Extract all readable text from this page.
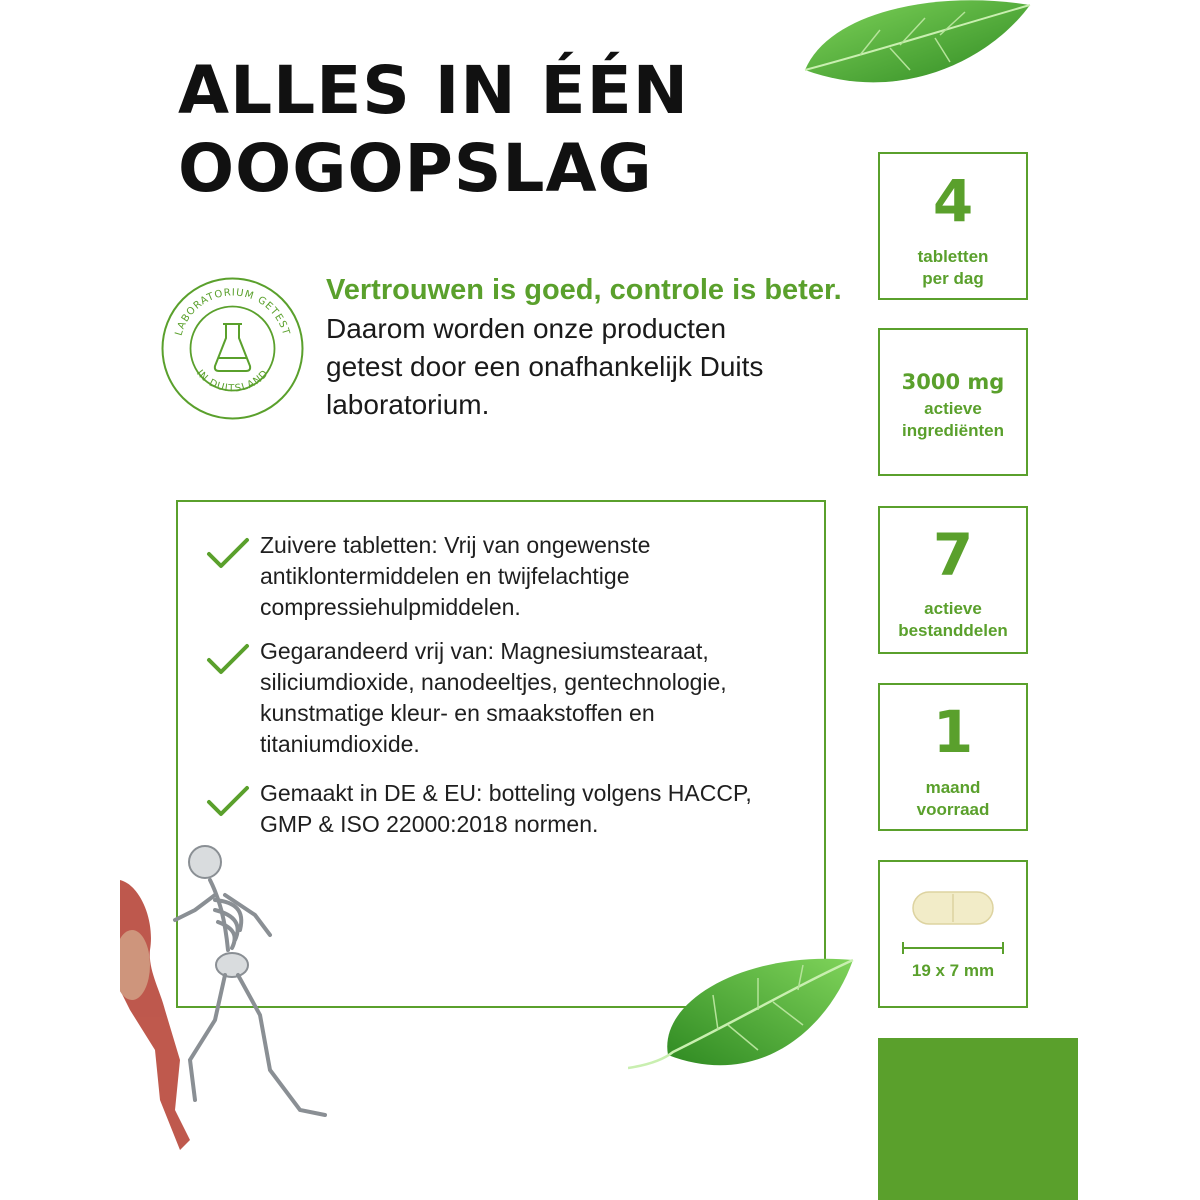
ALLES IN ÉÉN
OOGOPSLAG
LABORATORIUM GETEST
IN DUITSLAND
Vertrouwen is goed, controle is beter.
Daarom worden onze producten
getest door een onafhankelijk Duits
laboratorium.
Zuivere tabletten: Vrij van ongewenste
antiklontermiddelen en twijfelachtige
compressiehulpmiddelen.
Gegarandeerd vrij van: Magnesiumstearaat,
siliciumdioxide, nanodeeltjes, gentechnologie,
kunstmatige kleur- en smaakstoffen en
titaniumdioxide.
Gemaakt in DE & EU: botteling volgens HACCP,
GMP & ISO 22000:2018 normen.
4
tabletten
per dag
3000 mg
actieve
ingrediënten
7
actieve
bestanddelen
1
maand
voorraad
19 x 7 mm
